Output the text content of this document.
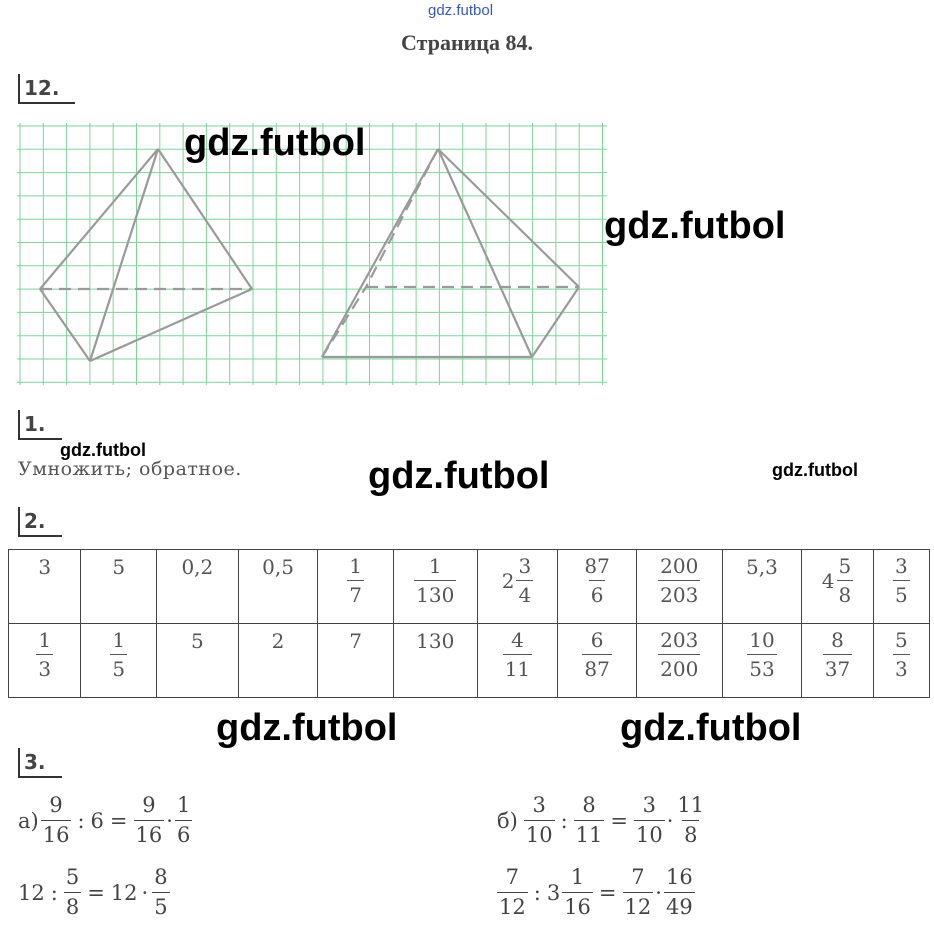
gdz.futbol
Страница 84.
12.
gdz.futbol
gdz.futbol
1.
gdz.futbol
Умножить; обратное.	gdz.futbol	gdz.futbol
2.
3	5	0,2	0,5	$\frac{1}{7}$	$\frac{1}{130}$	$2 \frac{3}{4}$	$\frac{87}{6}$	$\frac{200}{203}$	5,3	$4 \frac{5}{8}$	$\frac{3}{5}$

$\frac{1}{3}$	$\frac{1}{5}$	5	2	7	130	$\frac{4}{11}$	$\frac{6}{87}$	$\frac{203}{200}$	$\frac{10}{53}$	$\frac{8}{37}$	$\frac{5}{3}$
gdz.futbol	gdz.futbol
3.
$а) \frac{9}{16}$ : $6 = \frac{9}{16} \cdot \frac{1}{6}$
12 : $\frac{5}{8} = 12 \cdot \frac{8}{5}$
$б) \frac{3}{10}$ : $\frac{8}{11} = \frac{3}{10} \cdot \frac{11}{8}$
$\frac{7}{12}$ : $3 \frac{1}{16} = \frac{7}{12} \cdot \frac{16}{49}$
